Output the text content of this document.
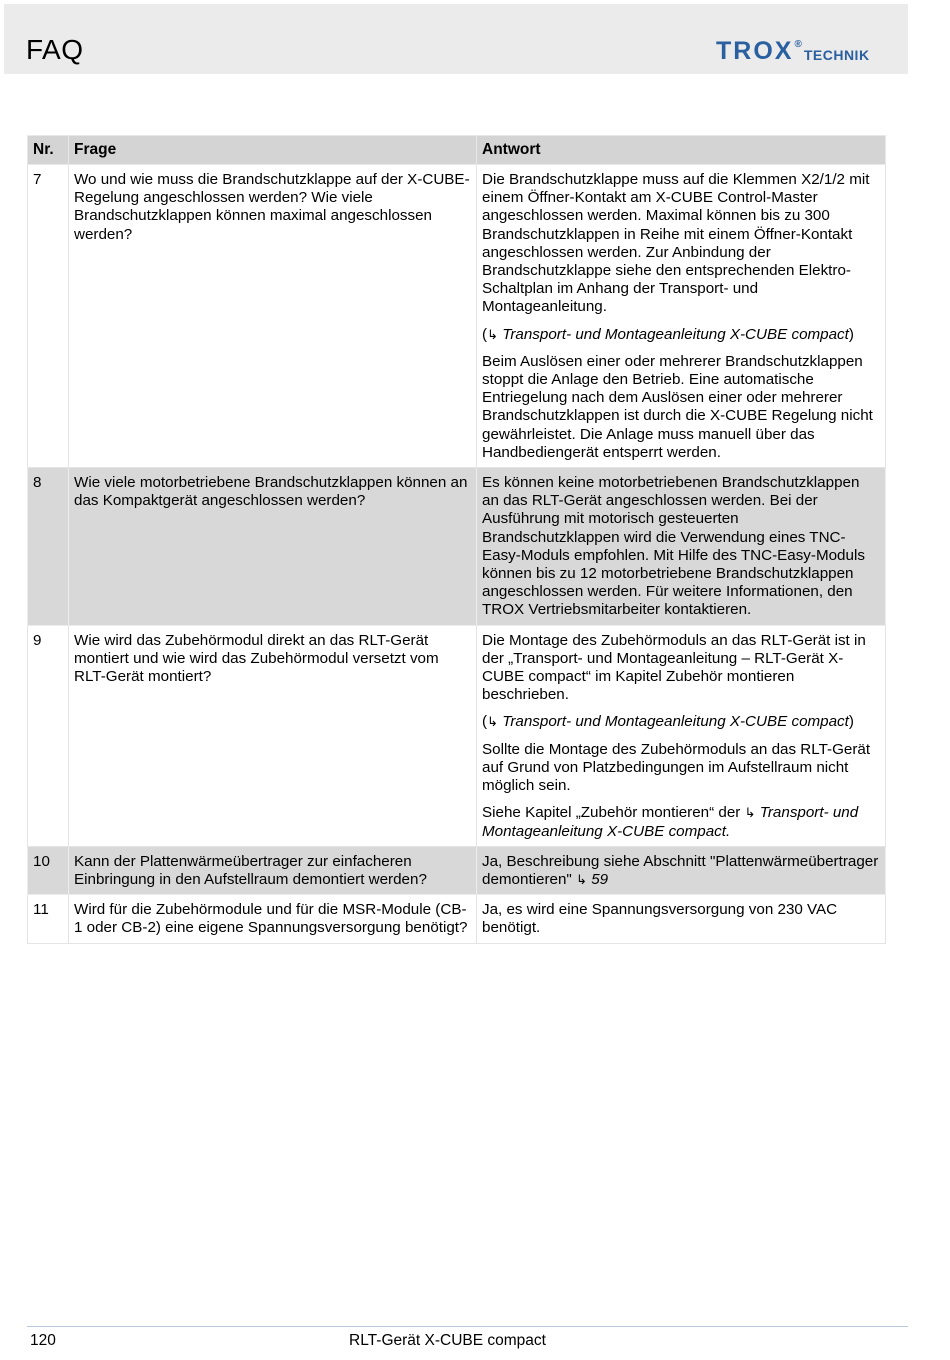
FAQ	TROX ®
TECHNIK
Nr.	Frage	Antwort
7	Wo und wie muss die Brandschutzklappe auf der X-CUBE-Regelung angeschlossen werden? Wie viele Brandschutzklappen können maximal angeschlossen werden?	Die Brandschutzklappe muss auf die Klemmen X2/1/2 mit einem Öffner-Kontakt am X-CUBE Control-Master angeschlossen werden. Maximal können bis zu 300 Brandschutzklappen in Reihe mit einem Öffner-Kontakt angeschlossen werden. Zur Anbindung der Brandschutzklappe siehe den entsprechenden Elektro-Schaltplan im Anhang der Transport- und Montageanleitung.

(↳ Transport- und Montageanleitung X-CUBE compact)

Beim Auslösen einer oder mehrerer Brandschutzklappen stoppt die Anlage den Betrieb. Eine automatische Entriegelung nach dem Auslösen einer oder mehrerer Brandschutzklappen ist durch die X-CUBE Regelung nicht gewährleistet. Die Anlage muss manuell über das Handbediengerät entsperrt werden.

8	Wie viele motorbetriebene Brandschutzklappen können an das Kompaktgerät angeschlossen werden?	Es können keine motorbetriebenen Brandschutzklappen an das RLT-Gerät angeschlossen werden. Bei der Ausführung mit motorisch gesteuerten Brandschutzklappen wird die Verwendung eines TNC-Easy-Moduls empfohlen. Mit Hilfe des TNC-Easy-Moduls können bis zu 12 motorbetriebene Brandschutzklappen angeschlossen werden. Für weitere Informationen, den TROX Vertriebsmitarbeiter kontaktieren.

9	Wie wird das Zubehörmodul direkt an das RLT-Gerät montiert und wie wird das Zubehörmodul versetzt vom RLT-Gerät montiert?	Die Montage des Zubehörmoduls an das RLT-Gerät ist in der „Transport- und Montageanleitung – RLT-Gerät X-CUBE compact“ im Kapitel Zubehör montieren beschrieben.

(↳ Transport- und Montageanleitung X-CUBE compact)

Sollte die Montage des Zubehörmoduls an das RLT-Gerät auf Grund von Platzbedingungen im Aufstellraum nicht möglich sein.

Siehe Kapitel „Zubehör montieren“ der ↳ Transport- und Montageanleitung X-CUBE compact.

10	Kann der Plattenwärmeübertrager zur einfacheren Einbringung in den Aufstellraum demontiert werden?	Ja, Beschreibung siehe Abschnitt "Plattenwärmeübertrager demontieren" ↳ 59

11	Wird für die Zubehörmodule und für die MSR-Module (CB-1 oder CB-2) eine eigene Spannungsversorgung benötigt?	Ja, es wird eine Spannungsversorgung von 230 VAC benötigt.

120	RLT-Gerät X-CUBE compact
